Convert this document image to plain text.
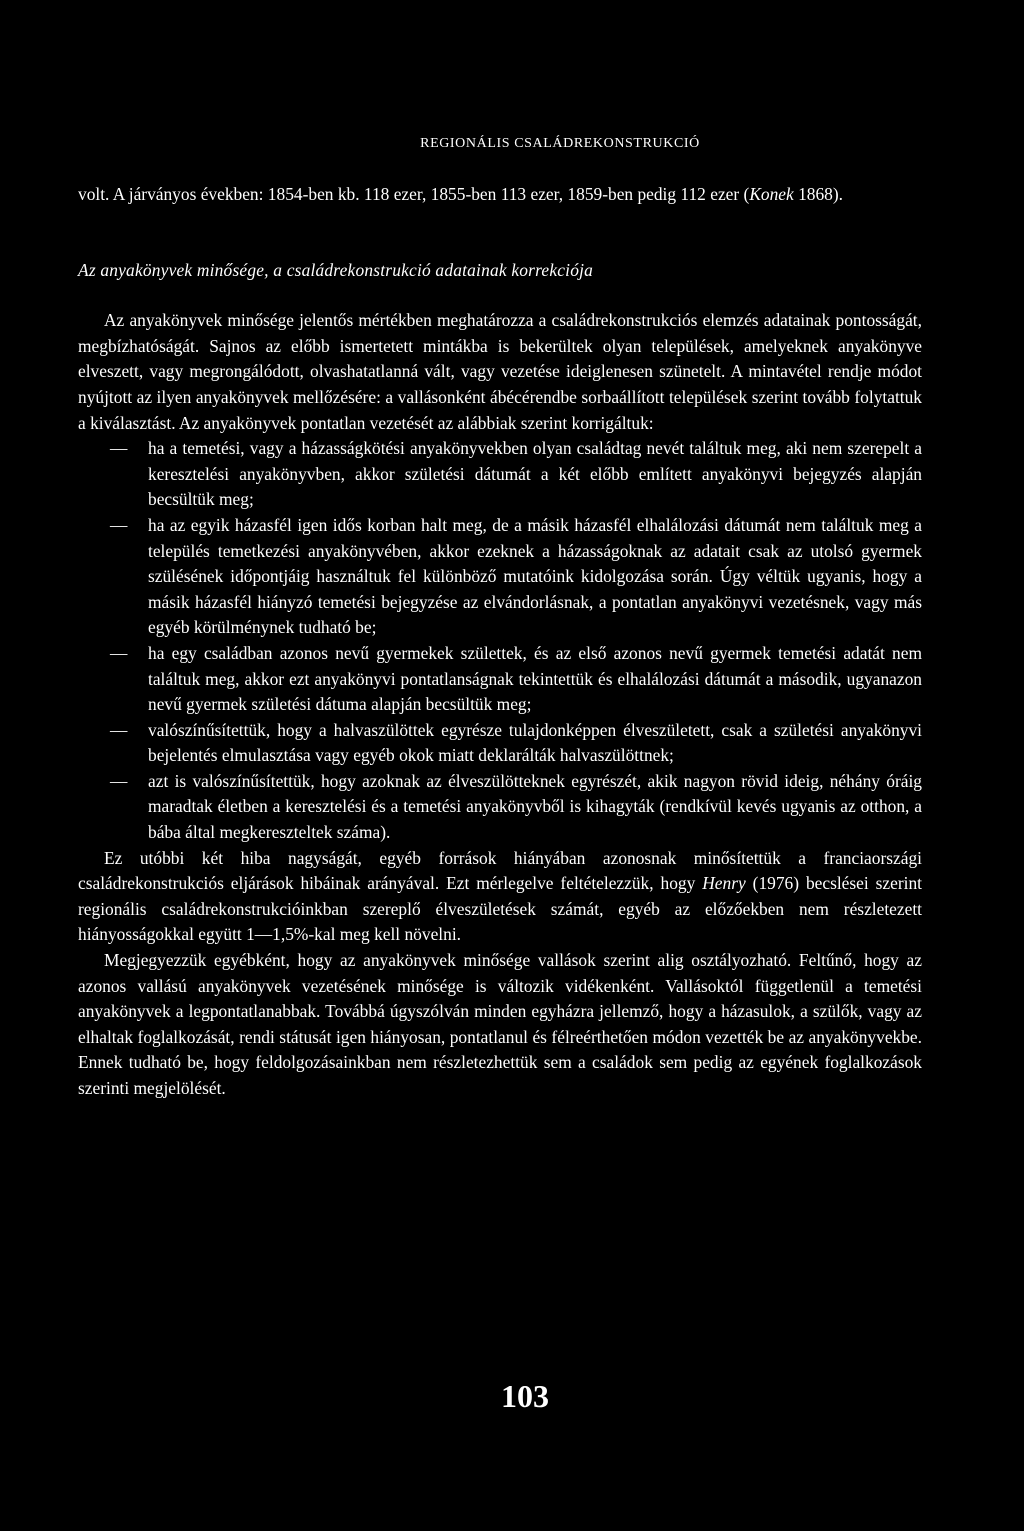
REGIONÁLIS CSALÁDREKONSTRUKCIÓ

volt. A járványos években: 1854-ben kb. 118 ezer, 1855-ben 113 ezer, 1859-ben pedig 112 ezer (Konek 1868).

Az anyakönyvek minősége, a családrekonstrukció adatainak korrekciója

Az anyakönyvek minősége jelentős mértékben meghatározza a családrekonstrukciós elemzés adatainak pontosságát, megbízhatóságát. Sajnos az előbb ismertetett mintákba is bekerültek olyan települések, amelyeknek anyakönyve elveszett, vagy megrongálódott, olvashatatlanná vált, vagy vezetése ideiglenesen szünetelt. A mintavétel rendje módot nyújtott az ilyen anyakönyvek mellőzésére: a vallásonként ábécérendbe sorbaállított települések szerint tovább folytattuk a kiválasztást. Az anyakönyvek pontatlan vezetését az alábbiak szerint korrigáltuk:

— ha a temetési, vagy a házasságkötési anyakönyvekben olyan családtag nevét találtuk meg, aki nem szerepelt a keresztelési anyakönyvben, akkor születési dátumát a két előbb említett anyakönyvi bejegyzés alapján becsültük meg;
— ha az egyik házasfél igen idős korban halt meg, de a másik házasfél elhalálozási dátumát nem találtuk meg a település temetkezési anyakönyvében, akkor ezeknek a házasságoknak az adatait csak az utolsó gyermek szülésének időpontjáig használtuk fel különböző mutatóink kidolgozása során. Úgy véltük ugyanis, hogy a másik házasfél hiányzó temetési bejegyzése az elvándorlásnak, a pontatlan anyakönyvi vezetésnek, vagy más egyéb körülménynek tudható be;
— ha egy családban azonos nevű gyermekek születtek, és az első azonos nevű gyermek temetési adatát nem találtuk meg, akkor ezt anyakönyvi pontatlanságnak tekintettük és elhalálozási dátumát a második, ugyanazon nevű gyermek születési dátuma alapján becsültük meg;
— valószínűsítettük, hogy a halvaszülöttek egyrésze tulajdonképpen élveszületett, csak a születési anyakönyvi bejelentés elmulasztása vagy egyéb okok miatt deklarálták halvaszülöttnek;
— azt is valószínűsítettük, hogy azoknak az élveszülötteknek egyrészét, akik nagyon rövid ideig, néhány óráig maradtak életben a keresztelési és a temetési anyakönyvből is kihagyták (rendkívül kevés ugyanis az otthon, a bába által megkereszteltek száma).

Ez utóbbi két hiba nagyságát, egyéb források hiányában azonosnak minősítettük a franciaországi családrekonstrukciós eljárások hibáinak arányával. Ezt mérlegelve feltételezzük, hogy Henry (1976) becslései szerint regionális családrekonstrukcióinkban szereplő élveszületések számát, egyéb az előzőekben nem részletezett hiányosságokkal együtt 1—1,5%-kal meg kell növelni.

Megjegyezzük egyébként, hogy az anyakönyvek minősége vallások szerint alig osztályozható. Feltűnő, hogy az azonos vallású anyakönyvek vezetésének minősége is változik vidékenként. Vallásoktól függetlenül a temetési anyakönyvek a legpontatlanabbak. Továbbá úgyszólván minden egyházra jellemző, hogy a házasulok, a szülők, vagy az elhaltak foglalkozását, rendi státusát igen hiányosan, pontatlanul és félreérthetően módon vezették be az anyakönyvekbe. Ennek tudható be, hogy feldolgozásainkban nem részletezhettük sem a családok sem pedig az egyének foglalkozások szerinti megjelölését.

103
